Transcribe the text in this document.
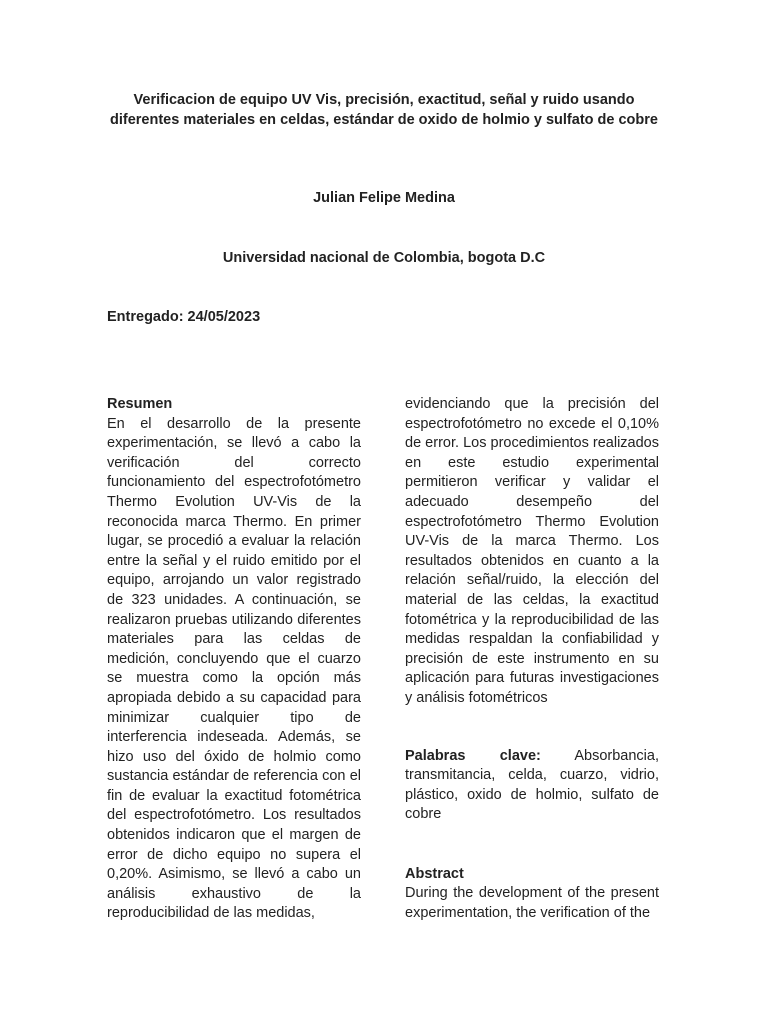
Verificacion de equipo UV Vis, precisión, exactitud, señal y ruido usando diferentes materiales en celdas, estándar de oxido de holmio y sulfato de cobre
Julian Felipe Medina
Universidad nacional de Colombia, bogota D.C
Entregado: 24/05/2023
Resumen

En el desarrollo de la presente experimentación, se llevó a cabo la verificación del correcto funcionamiento del espectrofotómetro Thermo Evolution UV-Vis de la reconocida marca Thermo. En primer lugar, se procedió a evaluar la relación entre la señal y el ruido emitido por el equipo, arrojando un valor registrado de 323 unidades. A continuación, se realizaron pruebas utilizando diferentes materiales para las celdas de medición, concluyendo que el cuarzo se muestra como la opción más apropiada debido a su capacidad para minimizar cualquier tipo de interferencia indeseada. Además, se hizo uso del óxido de holmio como sustancia estándar de referencia con el fin de evaluar la exactitud fotométrica del espectrofotómetro. Los resultados obtenidos indicaron que el margen de error de dicho equipo no supera el 0,20%. Asimismo, se llevó a cabo un análisis exhaustivo de la reproducibilidad de las medidas,

evidenciando que la precisión del espectrofotómetro no excede el 0,10% de error. Los procedimientos realizados en este estudio experimental permitieron verificar y validar el adecuado desempeño del espectrofotómetro Thermo Evolution UV-Vis de la marca Thermo. Los resultados obtenidos en cuanto a la relación señal/ruido, la elección del material de las celdas, la exactitud fotométrica y la reproducibilidad de las medidas respaldan la confiabilidad y precisión de este instrumento en su aplicación para futuras investigaciones y análisis fotométricos

Palabras clave: Absorbancia, transmitancia, celda, cuarzo, vidrio, plástico, oxido de holmio, sulfato de cobre
Abstract

During the development of the present experimentation, the verification of the
